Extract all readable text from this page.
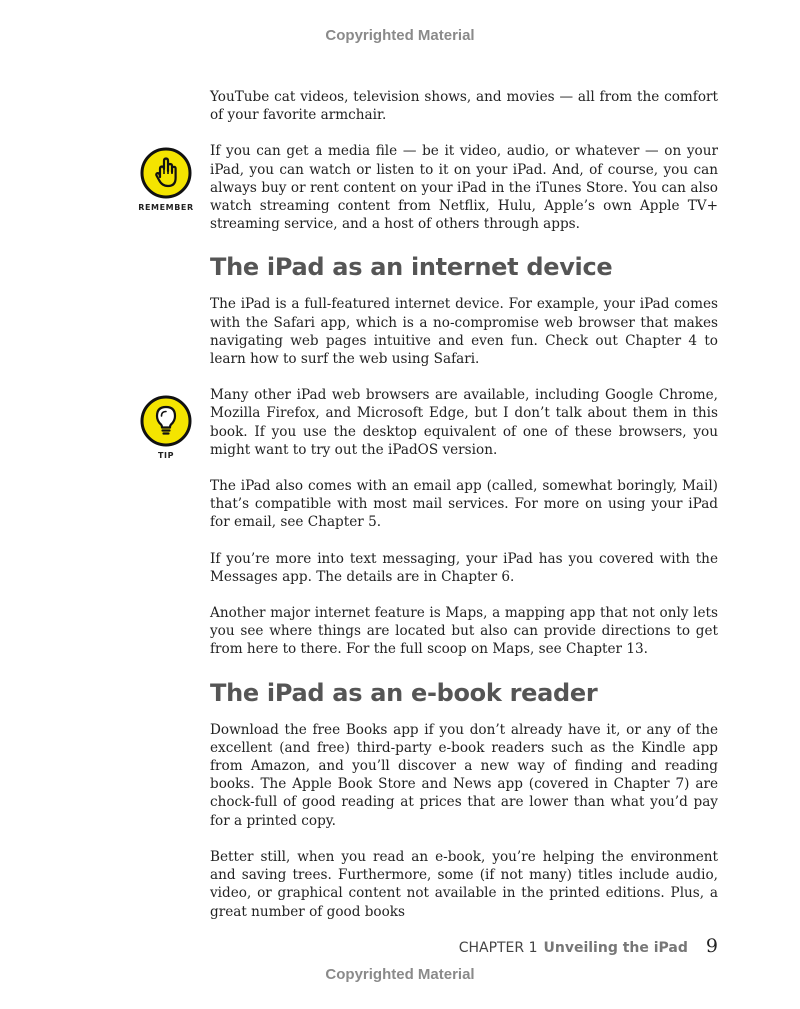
Copyrighted Material
REMEMBER
TIP

YouTube cat videos, television shows, and movies — all from the comfort of your favorite armchair.

If you can get a media file — be it video, audio, or whatever — on your iPad, you can watch or listen to it on your iPad. And, of course, you can always buy or rent content on your iPad in the iTunes Store. You can also watch streaming content from Netflix, Hulu, Apple’s own Apple TV+ streaming service, and a host of others through apps.

The iPad as an internet device

The iPad is a full-featured internet device. For example, your iPad comes with the Safari app, which is a no-compromise web browser that makes navigating web pages intuitive and even fun. Check out Chapter 4 to learn how to surf the web using Safari.

Many other iPad web browsers are available, including Google Chrome, Mozilla Firefox, and Microsoft Edge, but I don’t talk about them in this book. If you use the desktop equivalent of one of these browsers, you might want to try out the iPadOS version.

The iPad also comes with an email app (called, somewhat boringly, Mail) that’s compatible with most mail services. For more on using your iPad for email, see Chapter 5.

If you’re more into text messaging, your iPad has you covered with the Messages app. The details are in Chapter 6.

Another major internet feature is Maps, a mapping app that not only lets you see where things are located but also can provide directions to get from here to there. For the full scoop on Maps, see Chapter 13.

The iPad as an e-book reader

Download the free Books app if you don’t already have it, or any of the excellent (and free) third-party e-book readers such as the Kindle app from Amazon, and you’ll discover a new way of finding and reading books. The Apple Book Store and News app (covered in Chapter 7) are chock-full of good reading at prices that are lower than what you’d pay for a printed copy.

Better still, when you read an e-book, you’re helping the environment and saving trees. Furthermore, some (if not many) titles include audio, video, or graphical content not available in the printed editions. Plus, a great number of good books

CHAPTER 1 Unveiling the iPad 9
Copyrighted Material
